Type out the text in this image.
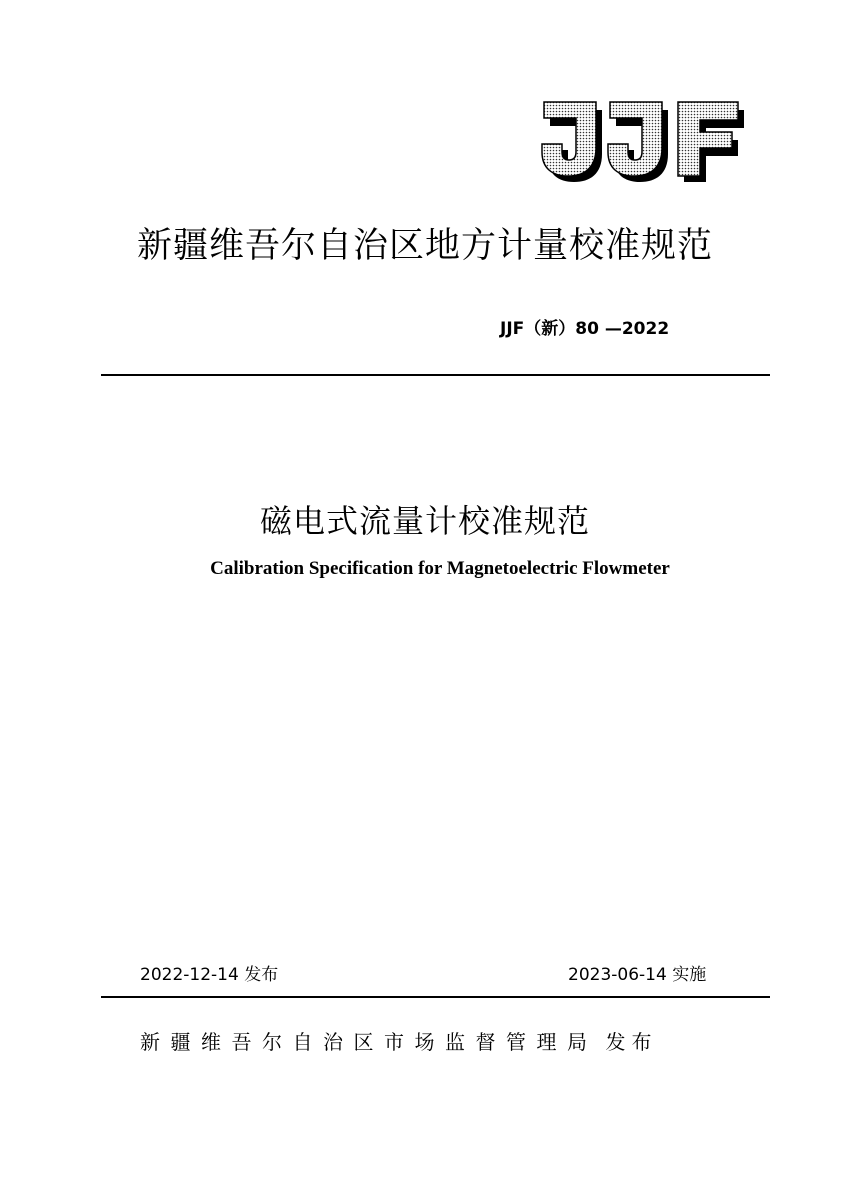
新疆维吾尔自治区地方计量校准规范
JJF（新）80 —2022
磁电式流量计校准规范
Calibration Specification for Magnetoelectric Flowmeter
2022-12-14 发布	2023-06-14 实施
新疆维吾尔自治区市场监督管理局 发布
